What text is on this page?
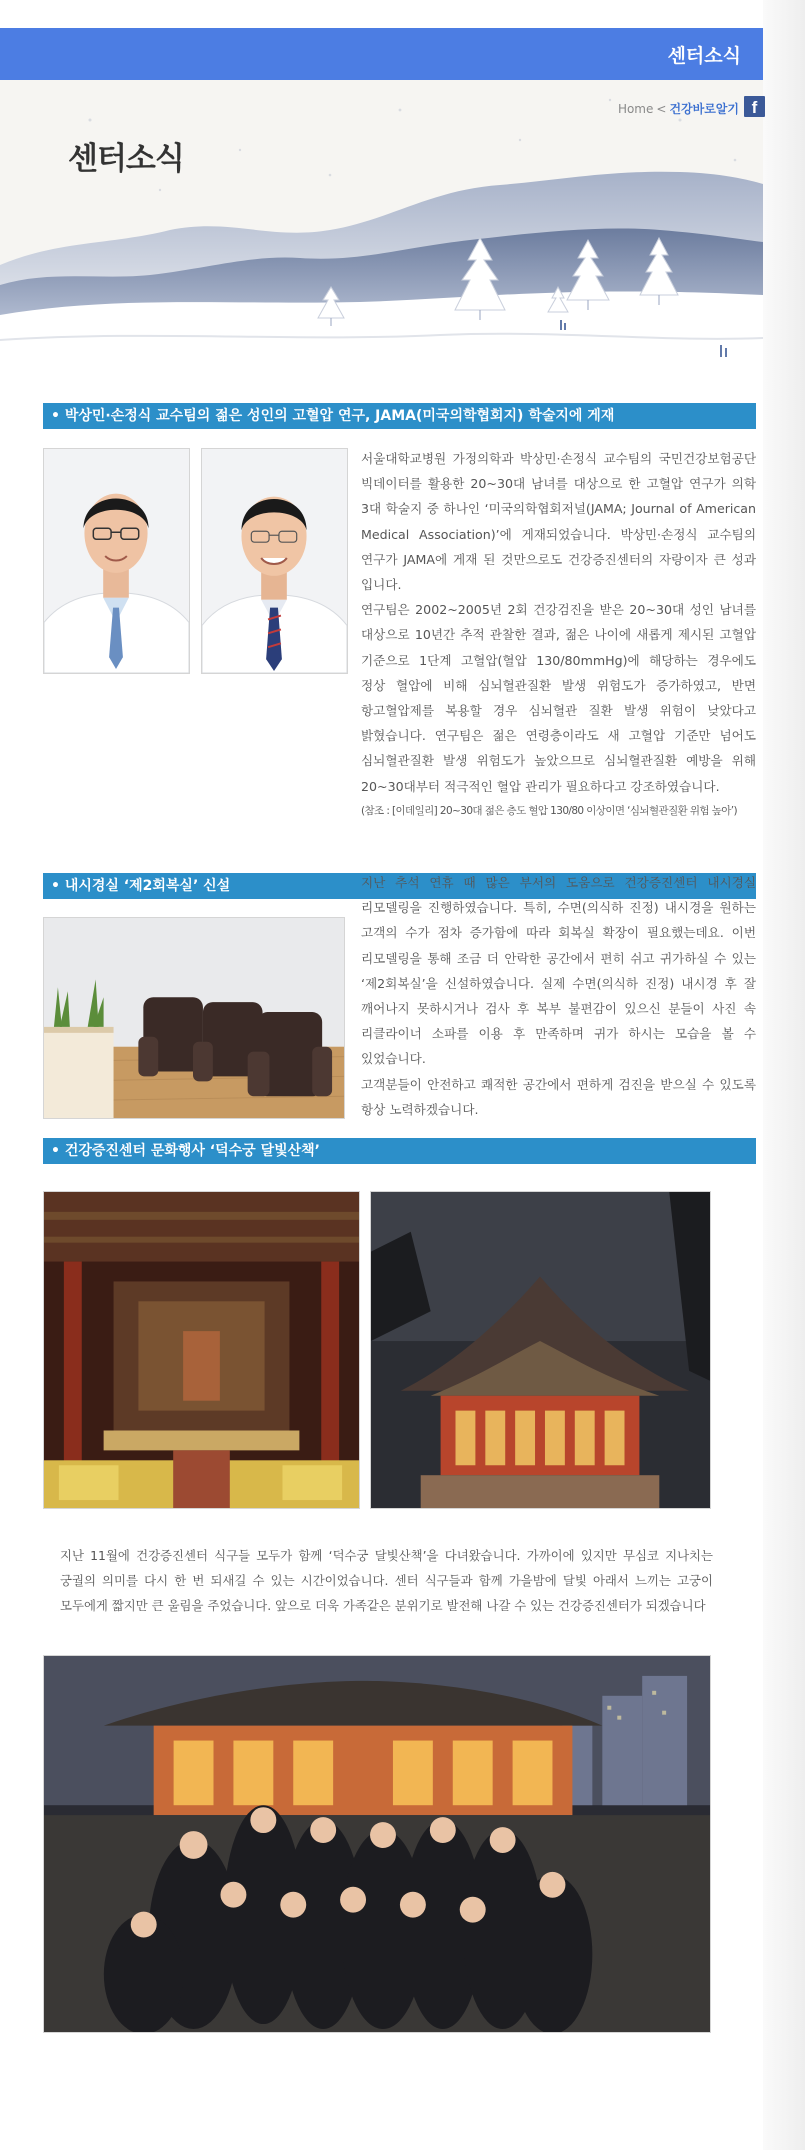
센터소식
Home < 건강바로알기 f
센터소식
• 박상민·손정식 교수팀의 젊은 성인의 고혈압 연구, JAMA(미국의학협회지) 학술지에 게재

서울대학교병원 가정의학과 박상민·손정식 교수팀의 국민건강보험공단 빅데이터를 활용한 20~30대 남녀를 대상으로 한 고혈압 연구가 의학 3대 학술지 중 하나인 ‘미국의학협회저널(JAMA; Journal of American Medical Association)’에 게재되었습니다. 박상민·손정식 교수팀의 연구가 JAMA에 게재 된 것만으로도 건강증진센터의 자랑이자 큰 성과 입니다.

연구팀은 2002~2005년 2회 건강검진을 받은 20~30대 성인 남녀를 대상으로 10년간 추적 관찰한 결과, 젊은 나이에 새롭게 제시된 고혈압 기준으로 1단계 고혈압(혈압 130/80mmHg)에 해당하는 경우에도 정상 혈압에 비해 심뇌혈관질환 발생 위험도가 증가하였고, 반면 항고혈압제를 복용할 경우 심뇌혈관 질환 발생 위험이 낮았다고 밝혔습니다. 연구팀은 젊은 연령층이라도 새 고혈압 기준만 넘어도 심뇌혈관질환 발생 위험도가 높았으므로 심뇌혈관질환 예방을 위해 20~30대부터 적극적인 혈압 관리가 필요하다고 강조하였습니다.

(참조 : [이데일리] 20~30대 젊은 층도 혈압 130/80 이상이면 ‘심뇌혈관질환 위험 높아’)

• 내시경실 ‘제2회복실’ 신설	지난 추석 연휴 때 많은 부서의 도움으로 건강증진센터 내시경실 리모델링을 진행하였습니다. 특히, 수면(의식하 진정) 내시경을 원하는 고객의 수가 점차 증가함에 따라 회복실 확장이 필요했는데요. 이번 리모델링을 통해 조금 더 안락한 공간에서 편히 쉬고 귀가하실 수 있는 ‘제2회복실’을 신설하였습니다. 실제 수면(의식하 진정) 내시경 후 잘 깨어나지 못하시거나 검사 후 복부 불편감이 있으신 분들이 사진 속 리클라이너 소파를 이용 후 만족하며 귀가 하시는 모습을 볼 수 있었습니다.

고객분들이 안전하고 쾌적한 공간에서 편하게 검진을 받으실 수 있도록 항상 노력하겠습니다.

• 건강증진센터 문화행사 ‘덕수궁 달빛산책’

지난 11월에 건강증진센터 식구들 모두가 함께 ‘덕수궁 달빛산책’을 다녀왔습니다. 가까이에 있지만 무심코 지나치는 궁궐의 의미를 다시 한 번 되새길 수 있는 시간이었습니다. 센터 식구들과 함께 가을밤에 달빛 아래서 느끼는 고궁이 모두에게 짧지만 큰 울림을 주었습니다. 앞으로 더욱 가족같은 분위기로 발전해 나갈 수 있는 건강증진센터가 되겠습니다
